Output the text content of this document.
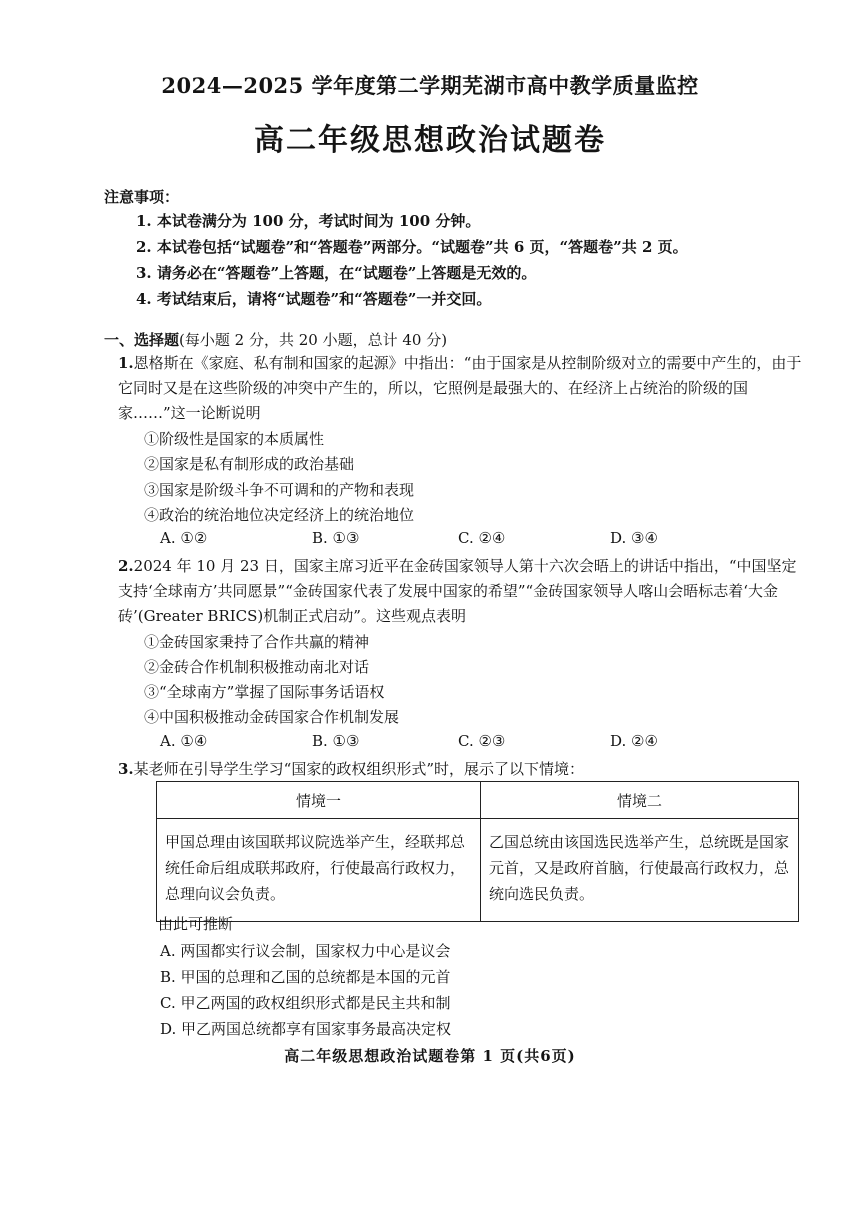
2024—2025 学年度第二学期芜湖市高中教学质量监控
高二年级思想政治试题卷
注意事项：
1. 本试卷满分为 100 分，考试时间为 100 分钟。
2. 本试卷包括“试题卷”和“答题卷”两部分。“试题卷”共 6 页，“答题卷”共 2 页。
3. 请务必在“答题卷”上答题，在“试题卷”上答题是无效的。
4. 考试结束后，请将“试题卷”和“答题卷”一并交回。
一、选择题(每小题 2 分，共 20 小题，总计 40 分)
1.恩格斯在《家庭、私有制和国家的起源》中指出：“由于国家是从控制阶级对立的需要中产生的，由于它同时又是在这些阶级的冲突中产生的，所以，它照例是最强大的、在经济上占统治的阶级的国家……”这一论断说明
①阶级性是国家的本质属性
②国家是私有制形成的政治基础
③国家是阶级斗争不可调和的产物和表现
④政治的统治地位决定经济上的统治地位
A. ①②	B. ①③	C. ②④	D. ③④
2.2024 年 10 月 23 日，国家主席习近平在金砖国家领导人第十六次会晤上的讲话中指出，“中国坚定支持‘全球南方’共同愿景”“金砖国家代表了发展中国家的希望”“金砖国家领导人喀山会晤标志着‘大金砖’(Greater BRICS)机制正式启动”。这些观点表明
①金砖国家秉持了合作共赢的精神
②金砖合作机制积极推动南北对话
③“全球南方”掌握了国际事务话语权
④中国积极推动金砖国家合作机制发展
A. ①④	B. ①③	C. ②③	D. ②④
3.某老师在引导学生学习“国家的政权组织形式”时，展示了以下情境：
情境一	情境二
甲国总理由该国联邦议院选举产生，经联邦总统任命后组成联邦政府，行使最高行政权力，总理向议会负责。	乙国总统由该国选民选举产生，总统既是国家元首，又是政府首脑，行使最高行政权力，总统向选民负责。
由此可推断
A. 两国都实行议会制，国家权力中心是议会
B. 甲国的总理和乙国的总统都是本国的元首
C. 甲乙两国的政权组织形式都是民主共和制
D. 甲乙两国总统都享有国家事务最高决定权
高二年级思想政治试题卷第 1 页(共6页)
